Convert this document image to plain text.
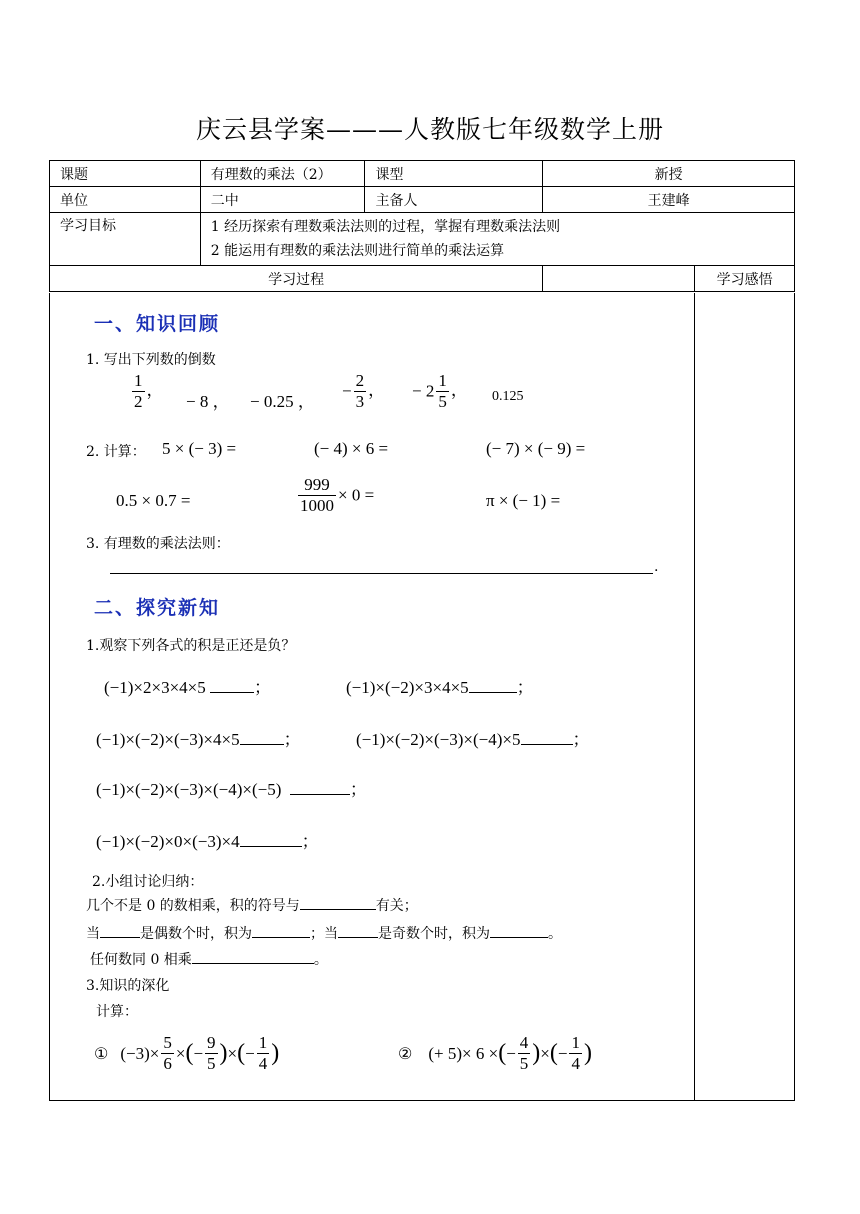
庆云县学案———人教版七年级数学上册
课题	有理数的乘法（2）	课型	新授
单位	二中	主备人	王建峰
学习目标	1 经历探索有理数乘法法则的过程，掌握有理数乘法法则
2 能运用有理数的乘法法则进行简单的乘法运算		

学习过程			学习感悟
一、知识回顾
1. 写出下列数的倒数
$\frac{1}{2}$ ，
− 8 ， − 0.25 ，
− $\frac{2}{3}$ ， − $2 \frac{1}{5}$ ， 0.125
2. 计算： 5 × (− 3) =	(− 4) × 6 =	(− 7) × (− 9) =
0.5 × 0.7 =	$\frac{999}{1000} \times 0$ =	π × (− 1) =
3. 有理数的乘法法则：
.
二、探究新知
1.观察下列各式的积是正还是负？
(−1)×2×3×4×5	；	(−1)×(−2)×3×4×5	；
(−1)×(−2)×(−3)×4×5	；	(−1)×(−2)×(−3)×(−4)×5	；
(−1)×(−2)×(−3)×(−4)×(−5)	；
(−1)×(−2)×0×(−3)×4	；
2.小组讨论归纳：
几个不是 0 的数相乘，积的符号与	有关；
当	是偶数个时，积为	；当	是奇数个时，积为	。
任何数同 0 相乘	。
3.知识的深化
计算：
① $(-3)\times \frac{5}{6}$ × ( − $\frac{9}{5}$ ) × ( − $\frac{1}{4}$ )	② (+ 5)× 6 × ( − $\frac{4}{5}$ ) × ( − $\frac{1}{4}$ )
